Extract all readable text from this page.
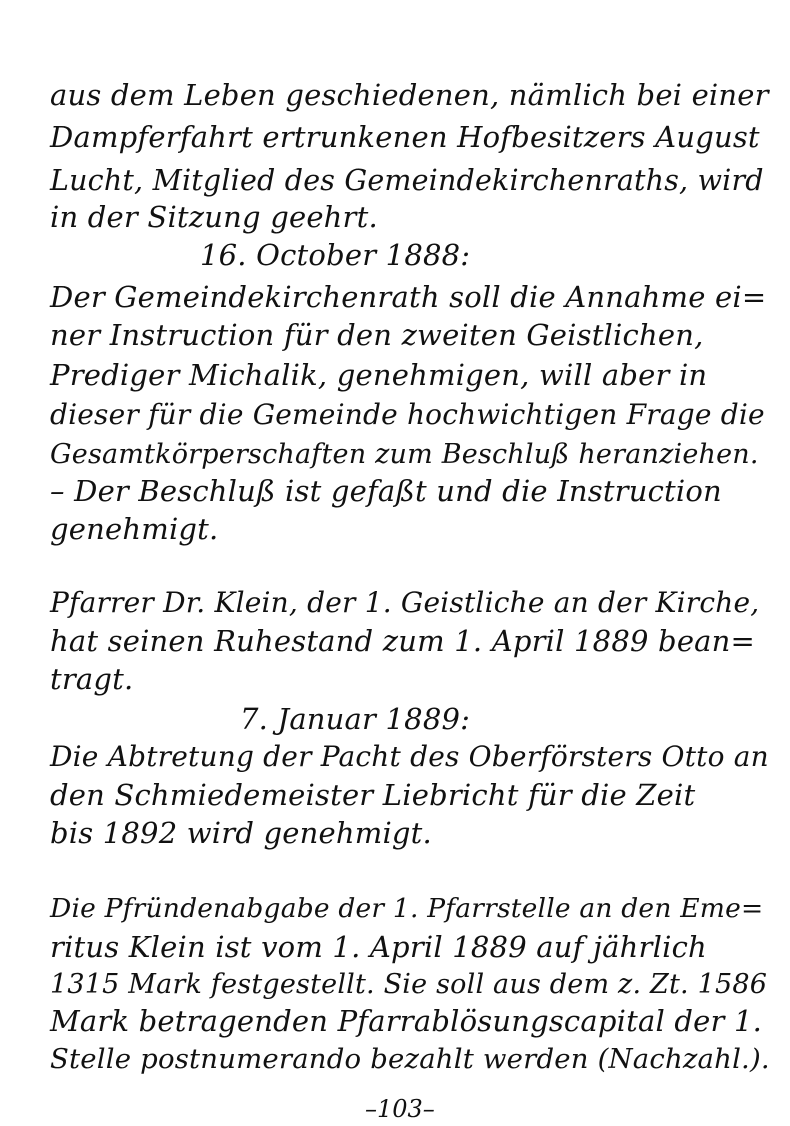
aus dem Leben geschiedenen, nämlich bei einer
Dampferfahrt ertrunkenen Hofbesitzers August
Lucht, Mitglied des Gemeindekirchenraths, wird
in der Sitzung geehrt.
16. October 1888:
Der Gemeindekirchenrath soll die Annahme ei=
ner Instruction für den zweiten Geistlichen,
Prediger Michalik, genehmigen, will aber in
dieser für die Gemeinde hochwichtigen Frage die
Gesamtkörperschaften zum Beschluß heranziehen.
– Der Beschluß ist gefaßt und die Instruction
genehmigt.
Pfarrer Dr. Klein, der 1. Geistliche an der Kirche,
hat seinen Ruhestand zum 1. April 1889 bean=
tragt.
7. Januar 1889:
Die Abtretung der Pacht des Oberförsters Otto an
den Schmiedemeister Liebricht für die Zeit
bis 1892 wird genehmigt.
Die Pfründenabgabe der 1. Pfarrstelle an den Eme=
ritus Klein ist vom 1. April 1889 auf jährlich
1315 Mark festgestellt. Sie soll aus dem z. Zt. 1586
Mark betragenden Pfarrablösungscapital der 1.
Stelle postnumerando bezahlt werden (Nachzahl.).
–103–
